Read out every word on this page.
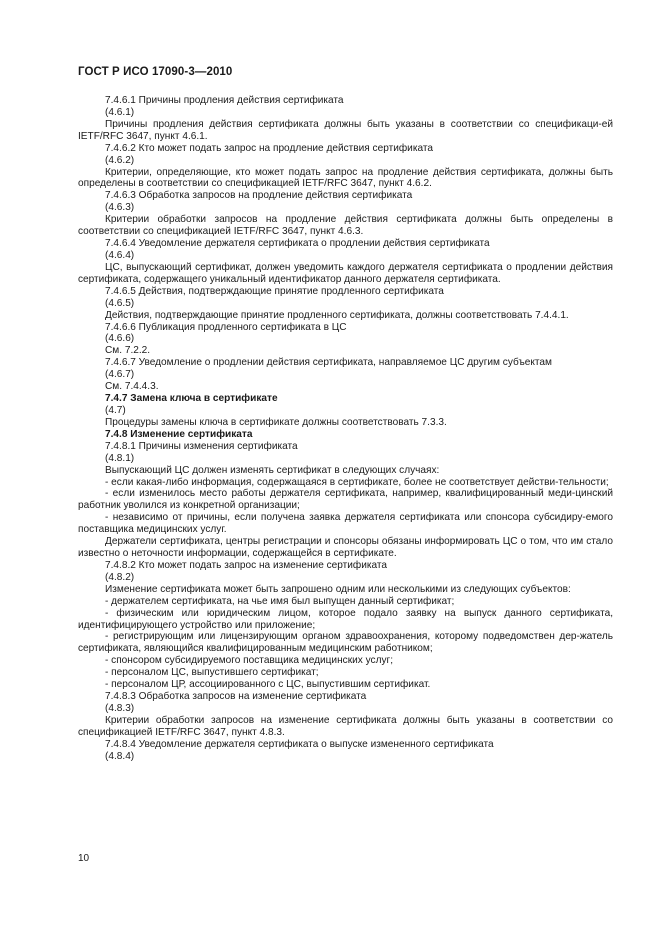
ГОСТ Р ИСО 17090-3—2010

7.4.6.1 Причины продления действия сертификата

(4.6.1)

Причины продления действия сертификата должны быть указаны в соответствии со спецификаци-ей IETF/RFC 3647, пункт 4.6.1.

7.4.6.2 Кто может подать запрос на продление действия сертификата

(4.6.2)

Критерии, определяющие, кто может подать запрос на продление действия сертификата, должны быть определены в соответствии со спецификацией IETF/RFC 3647, пункт 4.6.2.

7.4.6.3 Обработка запросов на продление действия сертификата

(4.6.3)

Критерии обработки запросов на продление действия сертификата должны быть определены в соответствии со спецификацией IETF/RFC 3647, пункт 4.6.3.

7.4.6.4 Уведомление держателя сертификата о продлении действия сертификата

(4.6.4)

ЦС, выпускающий сертификат, должен уведомить каждого держателя сертификата о продлении действия сертификата, содержащего уникальный идентификатор данного держателя сертификата.

7.4.6.5 Действия, подтверждающие принятие продленного сертификата

(4.6.5)

Действия, подтверждающие принятие продленного сертификата, должны соответствовать 7.4.4.1.

7.4.6.6 Публикация продленного сертификата в ЦС

(4.6.6)

См. 7.2.2.

7.4.6.7 Уведомление о продлении действия сертификата, направляемое ЦС другим субъектам

(4.6.7)

См. 7.4.4.3.

7.4.7 Замена ключа в сертификате

(4.7)

Процедуры замены ключа в сертификате должны соответствовать 7.3.3.

7.4.8 Изменение сертификата

7.4.8.1 Причины изменения сертификата

(4.8.1)

Выпускающий ЦС должен изменять сертификат в следующих случаях:

- если какая-либо информация, содержащаяся в сертификате, более не соответствует действи-тельности;

- если изменилось место работы держателя сертификата, например, квалифицированный меди-цинский работник уволился из конкретной организации;

- независимо от причины, если получена заявка держателя сертификата или спонсора субсидиру-емого поставщика медицинских услуг.

Держатели сертификата, центры регистрации и спонсоры обязаны информировать ЦС о том, что им стало известно о неточности информации, содержащейся в сертификате.

7.4.8.2 Кто может подать запрос на изменение сертификата

(4.8.2)

Изменение сертификата может быть запрошено одним или несколькими из следующих субъектов:

- держателем сертификата, на чье имя был выпущен данный сертификат;

- физическим или юридическим лицом, которое подало заявку на выпуск данного сертификата, идентифицирующего устройство или приложение;

- регистрирующим или лицензирующим органом здравоохранения, которому подведомствен дер-жатель сертификата, являющийся квалифицированным медицинским работником;

- спонсором субсидируемого поставщика медицинских услуг;

- персоналом ЦС, выпустившего сертификат;

- персоналом ЦР, ассоциированного с ЦС, выпустившим сертификат.

7.4.8.3 Обработка запросов на изменение сертификата

(4.8.3)

Критерии обработки запросов на изменение сертификата должны быть указаны в соответствии со спецификацией IETF/RFC 3647, пункт 4.8.3.

7.4.8.4 Уведомление держателя сертификата о выпуске измененного сертификата

(4.8.4)

10
